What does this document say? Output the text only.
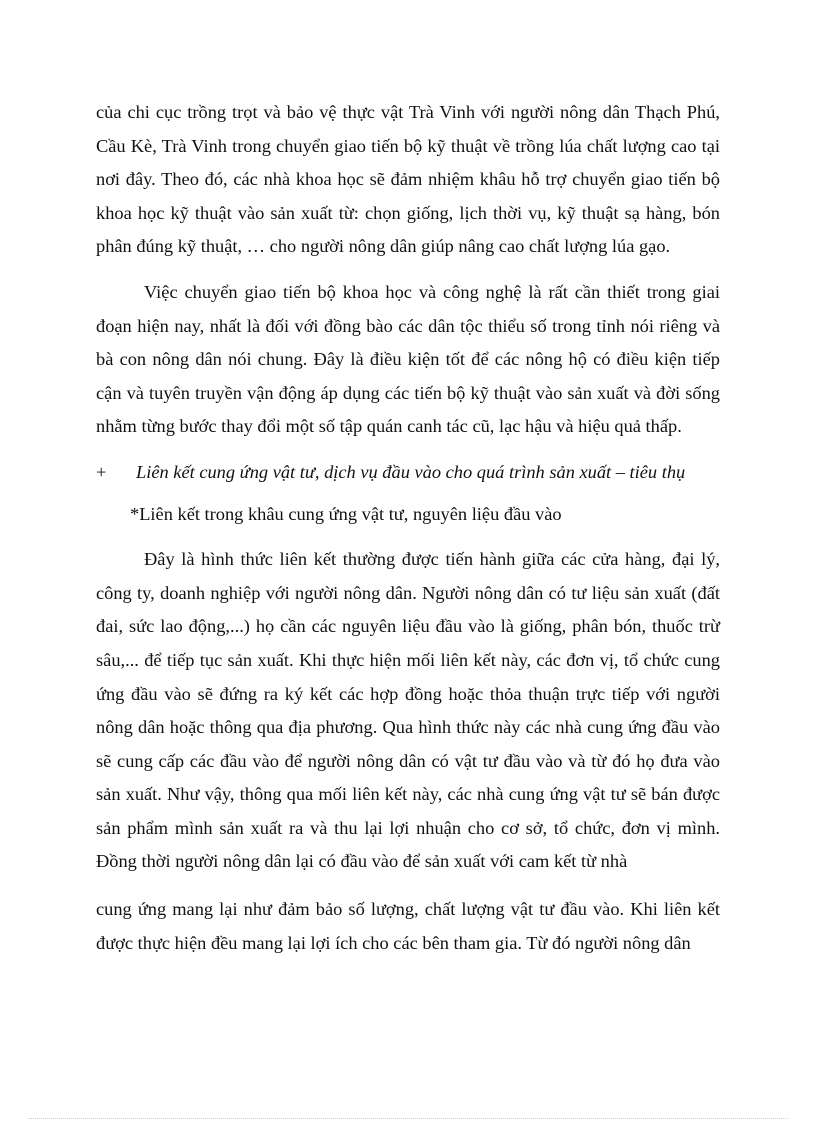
của chi cục trồng trọt và bảo vệ thực vật Trà Vinh với người nông dân Thạch Phú, Cầu Kè, Trà Vinh trong chuyển giao tiến bộ kỹ thuật về trồng lúa chất lượng cao tại nơi đây. Theo đó, các nhà khoa học sẽ đảm nhiệm khâu hỗ trợ chuyển giao tiến bộ khoa học kỹ thuật vào sản xuất từ: chọn giống, lịch thời vụ, kỹ thuật sạ hàng, bón phân đúng kỹ thuật, … cho người nông dân giúp nâng cao chất lượng lúa gạo.

Việc chuyển giao tiến bộ khoa học và công nghệ là rất cần thiết trong giai đoạn hiện nay, nhất là đối với đồng bào các dân tộc thiểu số trong tỉnh nói riêng và bà con nông dân nói chung. Đây là điều kiện tốt để các nông hộ có điều kiện tiếp cận và tuyên truyền vận động áp dụng các tiến bộ kỹ thuật vào sản xuất và đời sống nhằm từng bước thay đổi một số tập quán canh tác cũ, lạc hậu và hiệu quả thấp.

+	Liên kết cung ứng vật tư, dịch vụ đầu vào cho quá trình sản xuất – tiêu thụ

*Liên kết trong khâu cung ứng vật tư, nguyên liệu đầu vào

Đây là hình thức liên kết thường được tiến hành giữa các cửa hàng, đại lý, công ty, doanh nghiệp với người nông dân. Người nông dân có tư liệu sản xuất (đất đai, sức lao động,...) họ cần các nguyên liệu đầu vào là giống, phân bón, thuốc trừ sâu,... để tiếp tục sản xuất. Khi thực hiện mối liên kết này, các đơn vị, tổ chức cung ứng đầu vào sẽ đứng ra ký kết các hợp đồng hoặc thỏa thuận trực tiếp với người nông dân hoặc thông qua địa phương. Qua hình thức này các nhà cung ứng đầu vào sẽ cung cấp các đầu vào để người nông dân có vật tư đầu vào và từ đó họ đưa vào sản xuất. Như vậy, thông qua mối liên kết này, các nhà cung ứng vật tư sẽ bán được sản phẩm mình sản xuất ra và thu lại lợi nhuận cho cơ sở, tổ chức, đơn vị mình. Đồng thời người nông dân lại có đầu vào để sản xuất với cam kết từ nhà

cung ứng mang lại như đảm bảo số lượng, chất lượng vật tư đầu vào. Khi liên kết được thực hiện đều mang lại lợi ích cho các bên tham gia. Từ đó người nông dân
